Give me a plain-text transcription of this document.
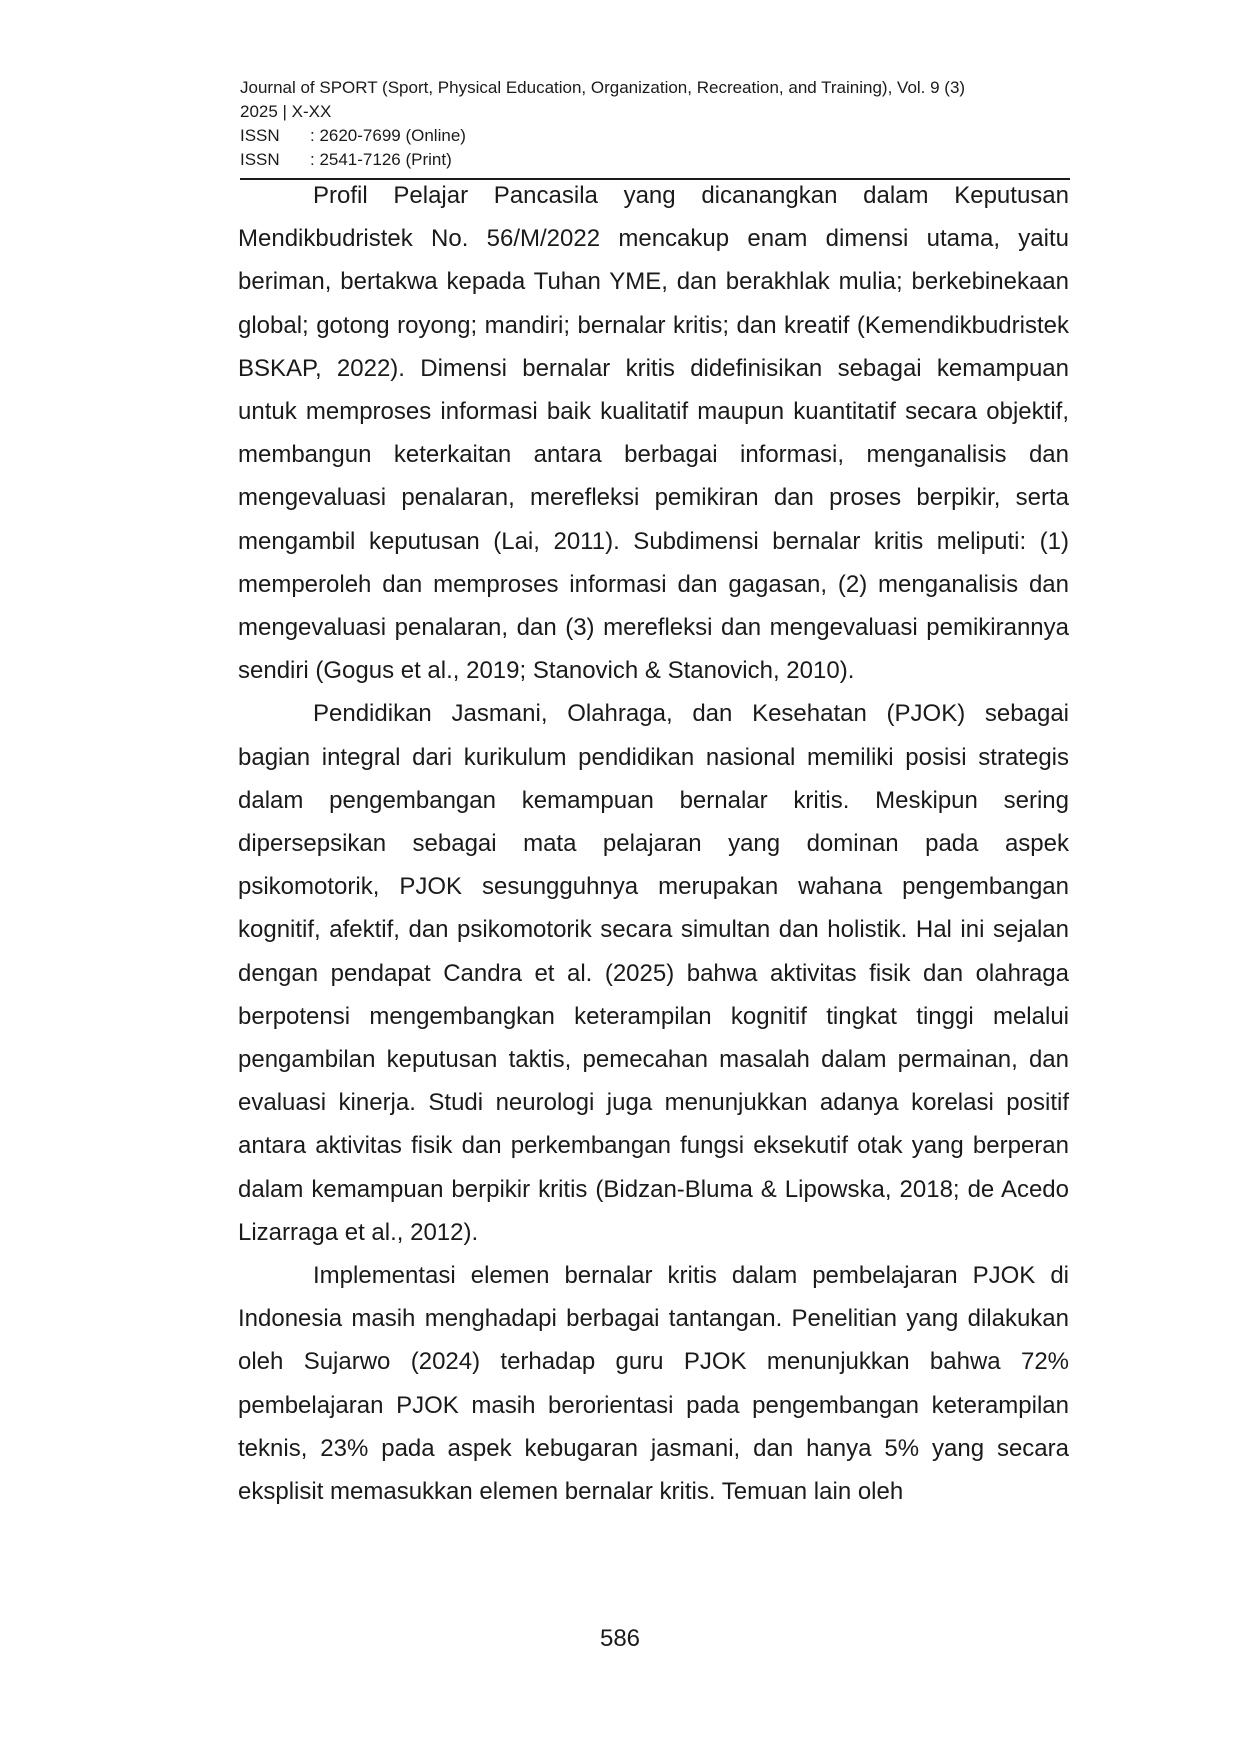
Journal of SPORT (Sport, Physical Education, Organization, Recreation, and Training), Vol. 9 (3)
2025 | X-XX
ISSN : 2620-7699 (Online)
ISSN : 2541-7126 (Print)

Profil Pelajar Pancasila yang dicanangkan dalam Keputusan Mendikbudristek No. 56/M/2022 mencakup enam dimensi utama, yaitu beriman, bertakwa kepada Tuhan YME, dan berakhlak mulia; berkebinekaan global; gotong royong; mandiri; bernalar kritis; dan kreatif (Kemendikbudristek BSKAP, 2022). Dimensi bernalar kritis didefinisikan sebagai kemampuan untuk memproses informasi baik kualitatif maupun kuantitatif secara objektif, membangun keterkaitan antara berbagai informasi, menganalisis dan mengevaluasi penalaran, merefleksi pemikiran dan proses berpikir, serta mengambil keputusan (Lai, 2011). Subdimensi bernalar kritis meliputi: (1) memperoleh dan memproses informasi dan gagasan, (2) menganalisis dan mengevaluasi penalaran, dan (3) merefleksi dan mengevaluasi pemikirannya sendiri (Gogus et al., 2019; Stanovich & Stanovich, 2010).

Pendidikan Jasmani, Olahraga, dan Kesehatan (PJOK) sebagai bagian integral dari kurikulum pendidikan nasional memiliki posisi strategis dalam pengembangan kemampuan bernalar kritis. Meskipun sering dipersepsikan sebagai mata pelajaran yang dominan pada aspek psikomotorik, PJOK sesungguhnya merupakan wahana pengembangan kognitif, afektif, dan psikomotorik secara simultan dan holistik. Hal ini sejalan dengan pendapat Candra et al. (2025) bahwa aktivitas fisik dan olahraga berpotensi mengembangkan keterampilan kognitif tingkat tinggi melalui pengambilan keputusan taktis, pemecahan masalah dalam permainan, dan evaluasi kinerja. Studi neurologi juga menunjukkan adanya korelasi positif antara aktivitas fisik dan perkembangan fungsi eksekutif otak yang berperan dalam kemampuan berpikir kritis (Bidzan-Bluma & Lipowska, 2018; de Acedo Lizarraga et al., 2012).

Implementasi elemen bernalar kritis dalam pembelajaran PJOK di Indonesia masih menghadapi berbagai tantangan. Penelitian yang dilakukan oleh Sujarwo (2024) terhadap guru PJOK menunjukkan bahwa 72% pembelajaran PJOK masih berorientasi pada pengembangan keterampilan teknis, 23% pada aspek kebugaran jasmani, dan hanya 5% yang secara eksplisit memasukkan elemen bernalar kritis. Temuan lain oleh

586
